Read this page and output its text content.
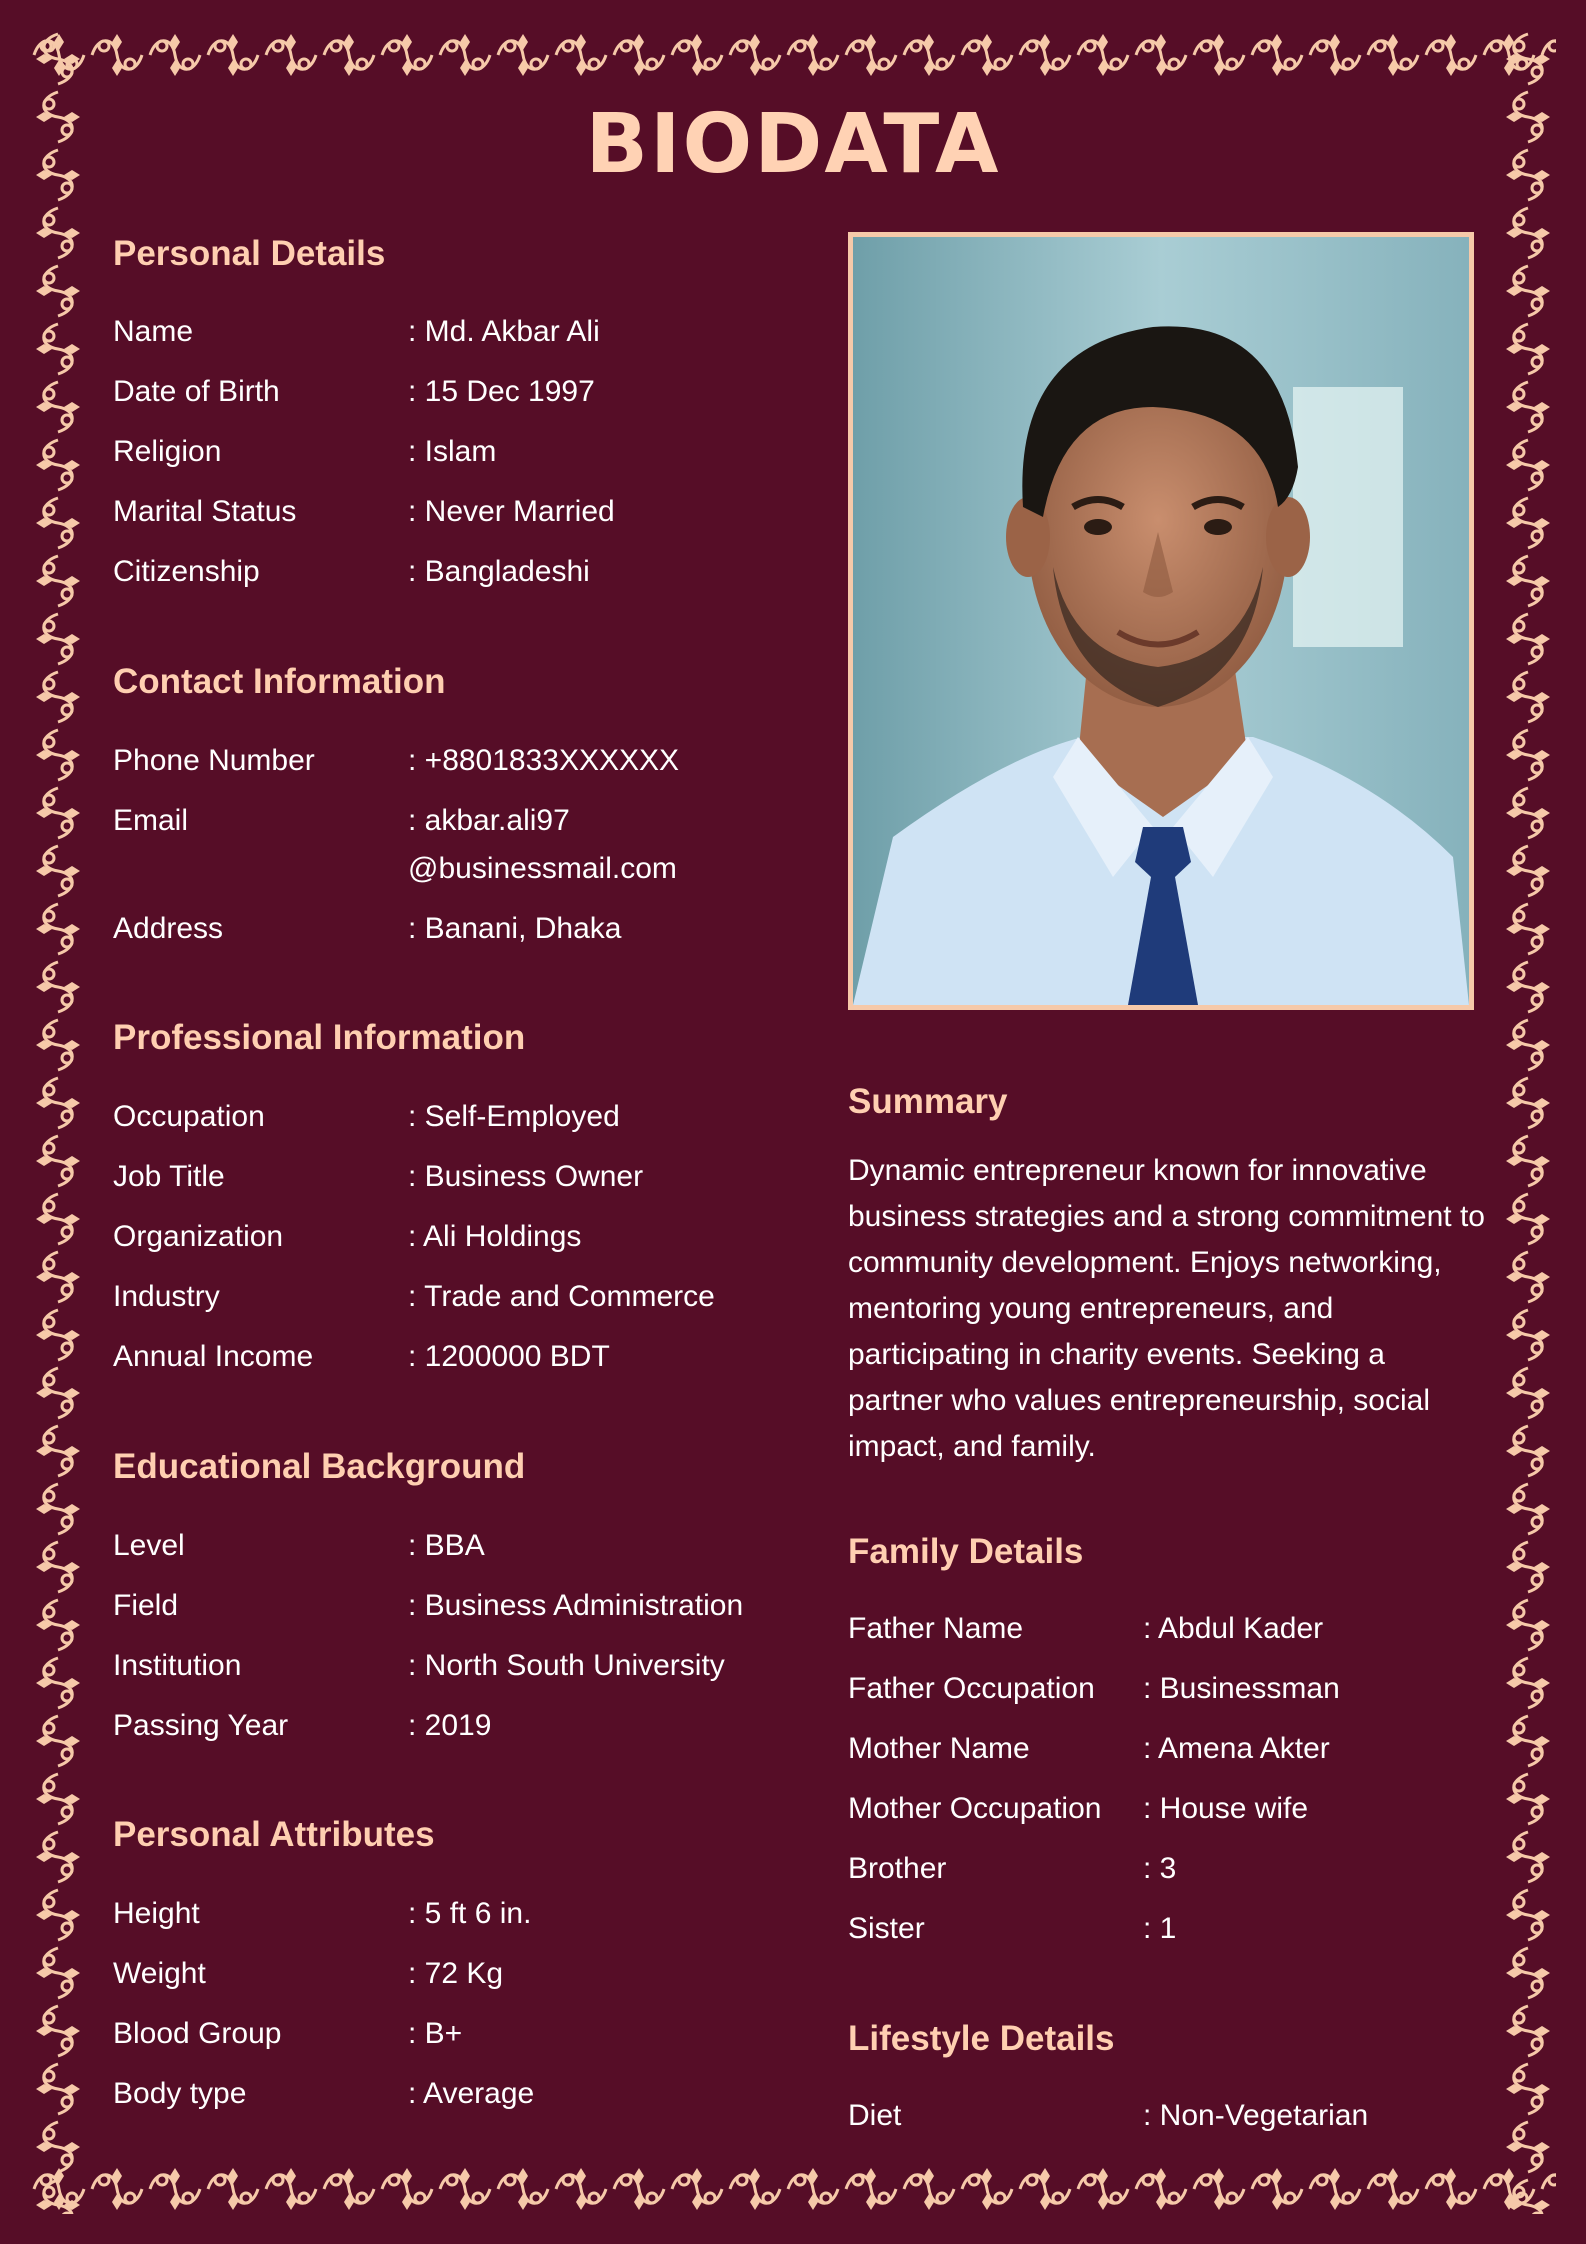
BIODATA
Personal Details
Name	: Md. Akbar Ali
Date of Birth	: 15 Dec 1997
Religion	: Islam
Marital Status	: Never Married
Citizenship	: Bangladeshi
Contact Information
Phone Number	: +8801833XXXXXX
Email	: akbar.ali97
@businessmail.com
Address	: Banani, Dhaka
Professional Information
Occupation	: Self-Employed
Job Title	: Business Owner
Organization	: Ali Holdings
Industry	: Trade and Commerce
Annual Income	: 1200000 BDT
Educational Background
Level	: BBA
Field	: Business Administration
Institution	: North South University
Passing Year	: 2019
Personal Attributes
Height	: 5 ft 6 in.
Weight	: 72 Kg
Blood Group	: B+
Body type	: Average
Summary
Dynamic entrepreneur known for innovative business strategies and a strong commitment to community development. Enjoys networking, mentoring young entrepreneurs, and participating in charity events. Seeking a partner who values entrepreneurship, social impact, and family.
Family Details
Father Name	: Abdul Kader
Father Occupation : Businessman
Mother Name	: Amena Akter
Mother Occupation : House wife
Brother	: 3
Sister	: 1
Lifestyle Details
Diet	: Non-Vegetarian
